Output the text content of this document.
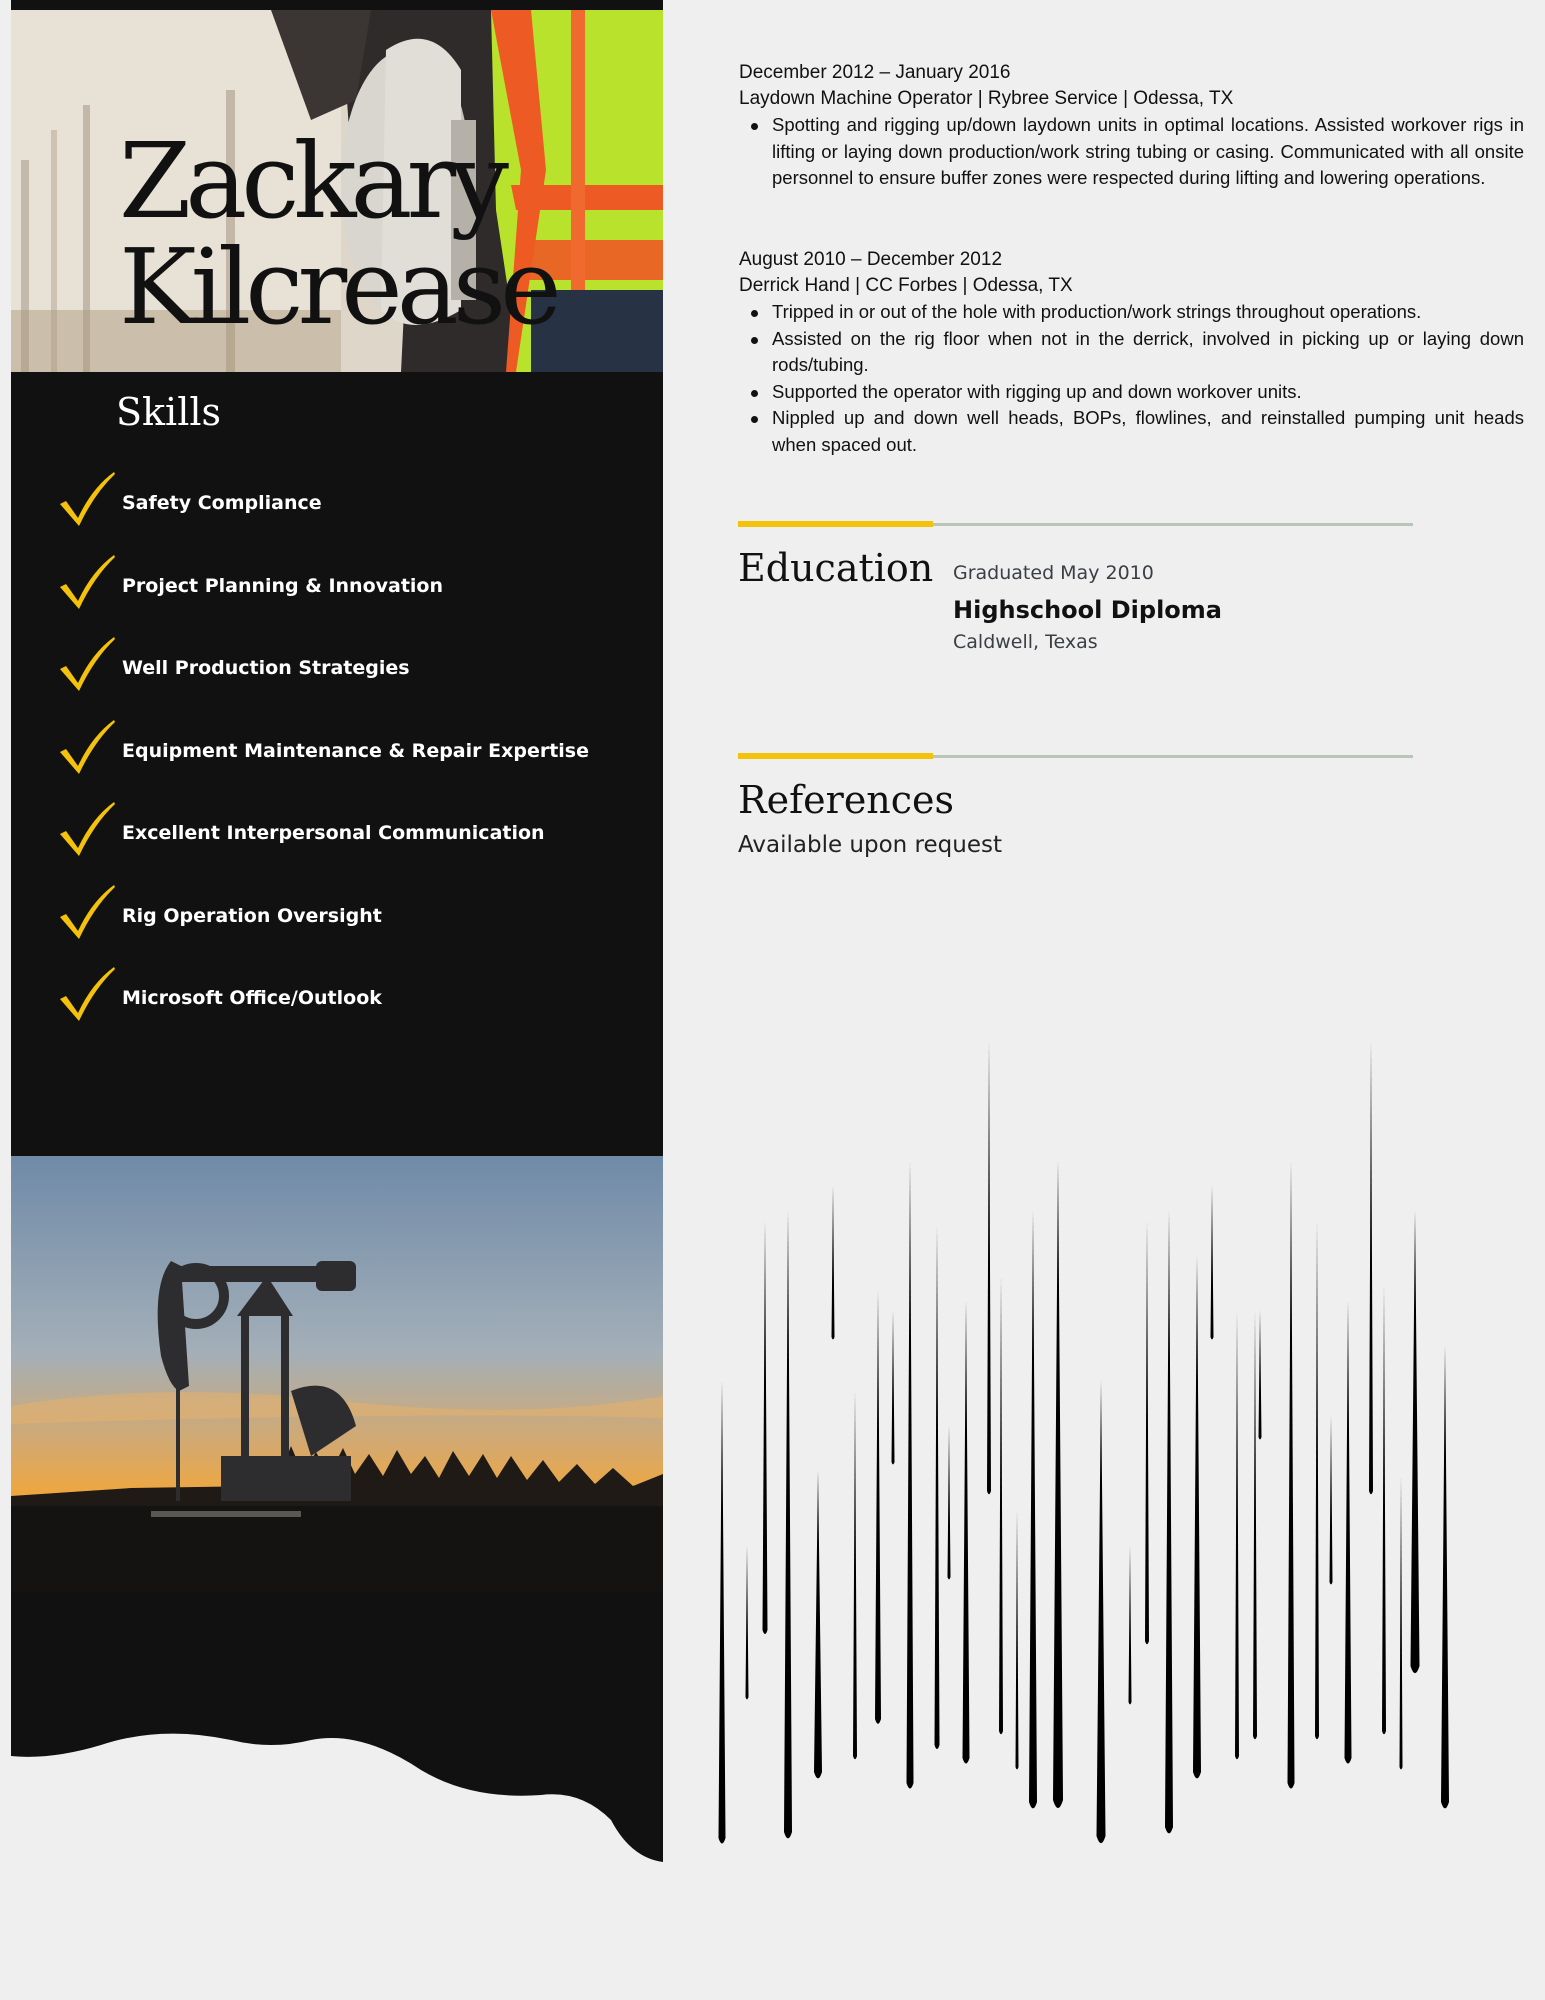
Zackary
Kilcrease
Skills
Safety Compliance
Project Planning & Innovation
Well Production Strategies
Equipment Maintenance & Repair Expertise
Excellent Interpersonal Communication
Rig Operation Oversight
Microsoft Office/Outlook

December 2012 – January 2016

Laydown Machine Operator | Rybree Service | Odessa, TX

Spotting and rigging up/down laydown units in optimal locations. Assisted workover rigs in lifting or laying down production/work string tubing or casing. Communicated with all onsite personnel to ensure buffer zones were respected during lifting and lowering operations.

August 2010 – December 2012

Derrick Hand | CC Forbes | Odessa, TX

Tripped in or out of the hole with production/work strings throughout operations.
Assisted on the rig floor when not in the derrick, involved in picking up or laying down rods/tubing.
Supported the operator with rigging up and down workover units.
Nippled up and down well heads, BOPs, flowlines, and reinstalled pumping unit heads when spaced out.
Education Graduated May 2010

Highschool Diploma

Caldwell, Texas

References

Available upon request
